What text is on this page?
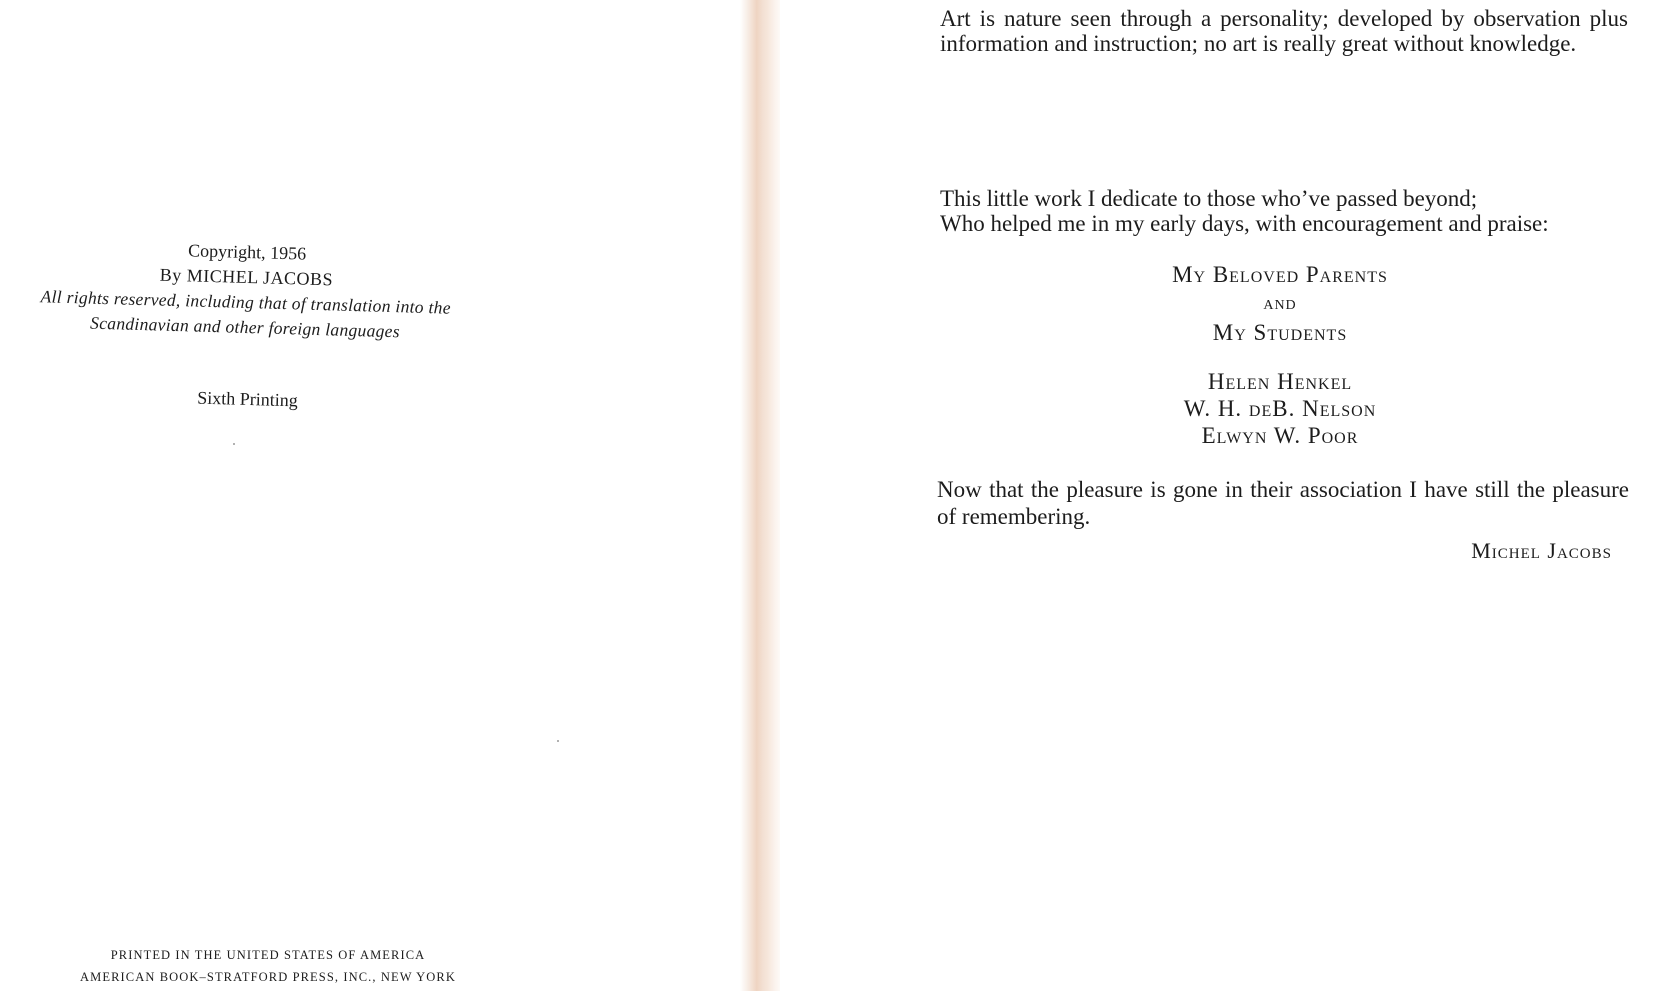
Copyright, 1956
By MICHEL JACOBS
All rights reserved, including that of translation into the
Scandinavian and other foreign languages
Sixth Printing
PRINTED IN THE UNITED STATES OF AMERICA
AMERICAN BOOK–STRATFORD PRESS, INC., NEW YORK
Art is nature seen through a personality; developed by observation plus information and instruction; no art is really great without knowledge.
This little work I dedicate to those who’ve passed beyond;
Who helped me in my early days, with encouragement and praise:
My Beloved Parents
and
My Students
Helen Henkel
W. H. deB. Nelson
Elwyn W. Poor
Now that the pleasure is gone in their association I have still the pleasure of remembering.
Michel Jacobs
